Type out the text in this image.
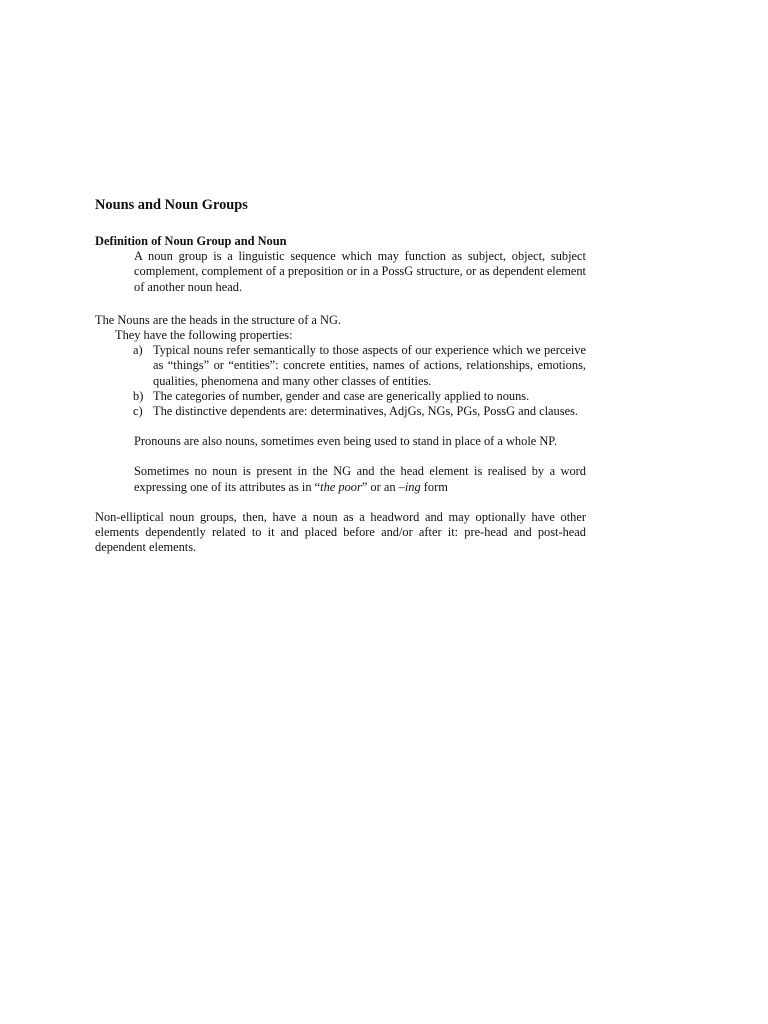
Nouns and Noun Groups
Definition of Noun Group and Noun
A noun group is a linguistic sequence which may function as subject, object, subject complement, complement of a preposition or in a PossG structure, or as dependent element of another noun head.
The Nouns are the heads in the structure of a NG.
They have the following properties:
a) Typical nouns refer semantically to those aspects of our experience which we perceive as “things” or “entities”: concrete entities, names of actions, relationships, emotions, qualities, phenomena and many other classes of entities.
b) The categories of number, gender and case are generically applied to nouns.
c) The distinctive dependents are: determinatives, AdjGs, NGs, PGs, PossG and clauses.
Pronouns are also nouns, sometimes even being used to stand in place of a whole NP.
Sometimes no noun is present in the NG and the head element is realised by a word expressing one of its attributes as in “the poor” or an –ing form
Non-elliptical noun groups, then, have a noun as a headword and may optionally have other elements dependently related to it and placed before and/or after it: pre-head and post-head dependent elements.
